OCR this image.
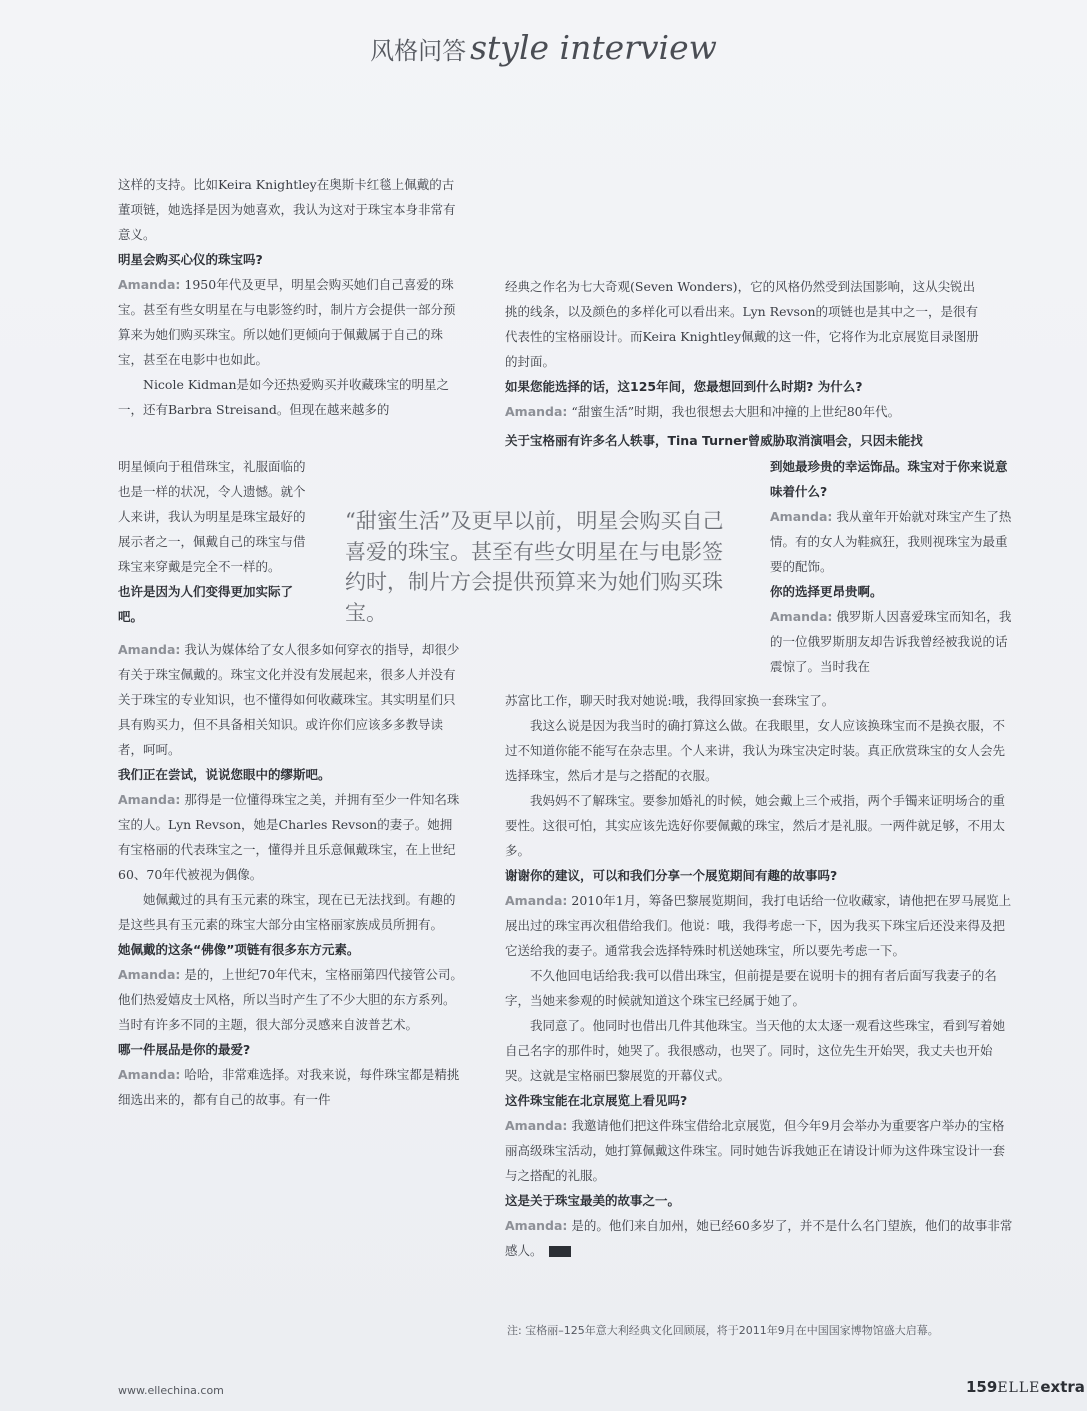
风格问答 style interview

这样的支持。比如Keira Knightley在奥斯卡红毯上佩戴的古董项链，她选择是因为她喜欢，我认为这对于珠宝本身非常有意义。

明星会购买心仪的珠宝吗?

Amanda: 1950年代及更早，明星会购买她们自己喜爱的珠宝。甚至有些女明星在与电影签约时，制片方会提供一部分预算来为她们购买珠宝。所以她们更倾向于佩戴属于自己的珠宝，甚至在电影中也如此。

Nicole Kidman是如今还热爱购买并收藏珠宝的明星之一，还有Barbra Streisand。但现在越来越多的

明星倾向于租借珠宝，礼服面临的也是一样的状况，令人遗憾。就个人来讲，我认为明星是珠宝最好的展示者之一，佩戴自己的珠宝与借珠宝来穿戴是完全不一样的。

也许是因为人们变得更加实际了吧。

Amanda: 我认为媒体给了女人很多如何穿衣的指导，却很少有关于珠宝佩戴的。珠宝文化并没有发展起来，很多人并没有关于珠宝的专业知识，也不懂得如何收藏珠宝。其实明星们只具有购买力，但不具备相关知识。或许你们应该多多教导读者，呵呵。

我们正在尝试，说说您眼中的缪斯吧。

Amanda: 那得是一位懂得珠宝之美，并拥有至少一件知名珠宝的人。Lyn Revson，她是Charles Revson的妻子。她拥有宝格丽的代表珠宝之一，懂得并且乐意佩戴珠宝，在上世纪60、70年代被视为偶像。

她佩戴过的具有玉元素的珠宝，现在已无法找到。有趣的是这些具有玉元素的珠宝大部分由宝格丽家族成员所拥有。

她佩戴的这条“佛像”项链有很多东方元素。

Amanda: 是的，上世纪70年代末，宝格丽第四代接管公司。他们热爱嬉皮士风格，所以当时产生了不少大胆的东方系列。当时有许多不同的主题，很大部分灵感来自波普艺术。

哪一件展品是你的最爱?

Amanda: 哈哈，非常难选择。对我来说，每件珠宝都是精挑细选出来的，都有自己的故事。有一件

经典之作名为七大奇观(Seven Wonders)，它的风格仍然受到法国影响，这从尖锐出挑的线条，以及颜色的多样化可以看出来。Lyn Revson的项链也是其中之一，是很有代表性的宝格丽设计。而Keira Knightley佩戴的这一件，它将作为北京展览目录图册的封面。

如果您能选择的话，这125年间，您最想回到什么时期? 为什么?

Amanda: “甜蜜生活”时期，我也很想去大胆和冲撞的上世纪80年代。

关于宝格丽有许多名人轶事，Tina Turner曾威胁取消演唱会，只因未能找

到她最珍贵的幸运饰品。珠宝对于你来说意味着什么?

Amanda: 我从童年开始就对珠宝产生了热情。有的女人为鞋疯狂，我则视珠宝为最重要的配饰。

你的选择更昂贵啊。

Amanda: 俄罗斯人因喜爱珠宝而知名，我的一位俄罗斯朋友却告诉我曾经被我说的话震惊了。当时我在

苏富比工作，聊天时我对她说:哦，我得回家换一套珠宝了。

我这么说是因为我当时的确打算这么做。在我眼里，女人应该换珠宝而不是换衣服，不过不知道你能不能写在杂志里。个人来讲，我认为珠宝决定时装。真正欣赏珠宝的女人会先选择珠宝，然后才是与之搭配的衣服。

我妈妈不了解珠宝。要参加婚礼的时候，她会戴上三个戒指，两个手镯来证明场合的重要性。这很可怕，其实应该先选好你要佩戴的珠宝，然后才是礼服。一两件就足够，不用太多。

谢谢你的建议，可以和我们分享一个展览期间有趣的故事吗?

Amanda: 2010年1月，筹备巴黎展览期间，我打电话给一位收藏家，请他把在罗马展览上展出过的珠宝再次租借给我们。他说：哦，我得考虑一下，因为我买下珠宝后还没来得及把它送给我的妻子。通常我会选择特殊时机送她珠宝，所以要先考虑一下。

不久他回电话给我:我可以借出珠宝，但前提是要在说明卡的拥有者后面写我妻子的名字，当她来参观的时候就知道这个珠宝已经属于她了。

我同意了。他同时也借出几件其他珠宝。当天他的太太逐一观看这些珠宝，看到写着她自己名字的那件时，她哭了。我很感动，也哭了。同时，这位先生开始哭，我丈夫也开始哭。这就是宝格丽巴黎展览的开幕仪式。

这件珠宝能在北京展览上看见吗?

Amanda: 我邀请他们把这件珠宝借给北京展览，但今年9月会举办为重要客户举办的宝格丽高级珠宝活动，她打算佩戴这件珠宝。同时她告诉我她正在请设计师为这件珠宝设计一套与之搭配的礼服。

这是关于珠宝最美的故事之一。

Amanda: 是的。他们来自加州，她已经60多岁了，并不是什么名门望族，他们的故事非常感人。

“甜蜜生活”及更早以前，明星会购买自己喜爱的珠宝。甚至有些女明星在与电影签约时，制片方会提供预算来为她们购买珠宝。
注: 宝格丽–125年意大利经典文化回顾展，将于2011年9月在中国国家博物馆盛大启幕。
www.ellechina.com	159ELLEextra
